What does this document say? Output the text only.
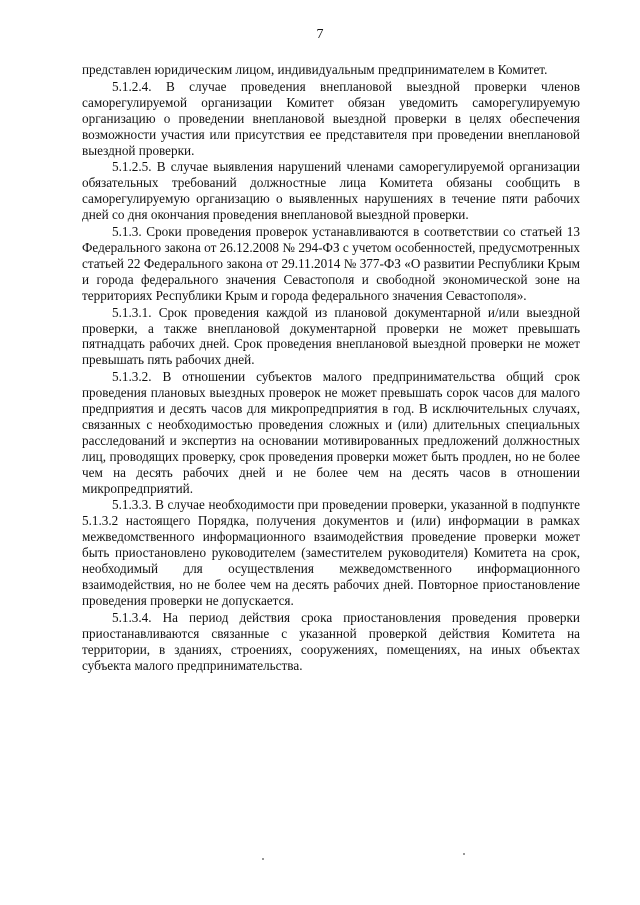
7

представлен юридическим лицом, индивидуальным предпринимателем в Комитет.

5.1.2.4. В случае проведения внеплановой выездной проверки членов саморегулируемой организации Комитет обязан уведомить саморегулируемую организацию о проведении внеплановой выездной проверки в целях обеспечения возможности участия или присутствия ее представителя при проведении внеплановой выездной проверки.

5.1.2.5. В случае выявления нарушений членами саморегулируемой организации обязательных требований должностные лица Комитета обязаны сообщить в саморегулируемую организацию о выявленных нарушениях в течение пяти рабочих дней со дня окончания проведения внеплановой выездной проверки.

5.1.3. Сроки проведения проверок устанавливаются в соответствии со статьей 13 Федерального закона от 26.12.2008 № 294-ФЗ с учетом особенностей, предусмотренных статьей 22 Федерального закона от 29.11.2014 № 377-ФЗ «О развитии Республики Крым и города федерального значения Севастополя и свободной экономической зоне на территориях Республики Крым и города федерального значения Севастополя».

5.1.3.1. Срок проведения каждой из плановой документарной и/или выездной проверки, а также внеплановой документарной проверки не может превышать пятнадцать рабочих дней. Срок проведения внеплановой выездной проверки не может превышать пять рабочих дней.

5.1.3.2. В отношении субъектов малого предпринимательства общий срок проведения плановых выездных проверок не может превышать сорок часов для малого предприятия и десять часов для микропредприятия в год. В исключительных случаях, связанных с необходимостью проведения сложных и (или) длительных специальных расследований и экспертиз на основании мотивированных предложений должностных лиц, проводящих проверку, срок проведения проверки может быть продлен, но не более чем на десять рабочих дней и не более чем на десять часов в отношении микропредприятий.

5.1.3.3. В случае необходимости при проведении проверки, указанной в подпункте 5.1.3.2 настоящего Порядка, получения документов и (или) информации в рамках межведомственного информационного взаимодействия проведение проверки может быть приостановлено руководителем (заместителем руководителя) Комитета на срок, необходимый для осуществления межведомственного информационного взаимодействия, но не более чем на десять рабочих дней. Повторное приостановление проведения проверки не допускается.

5.1.3.4. На период действия срока приостановления проведения проверки приостанавливаются связанные с указанной проверкой действия Комитета на территории, в зданиях, строениях, сооружениях, помещениях, на иных объектах субъекта малого предпринимательства.
